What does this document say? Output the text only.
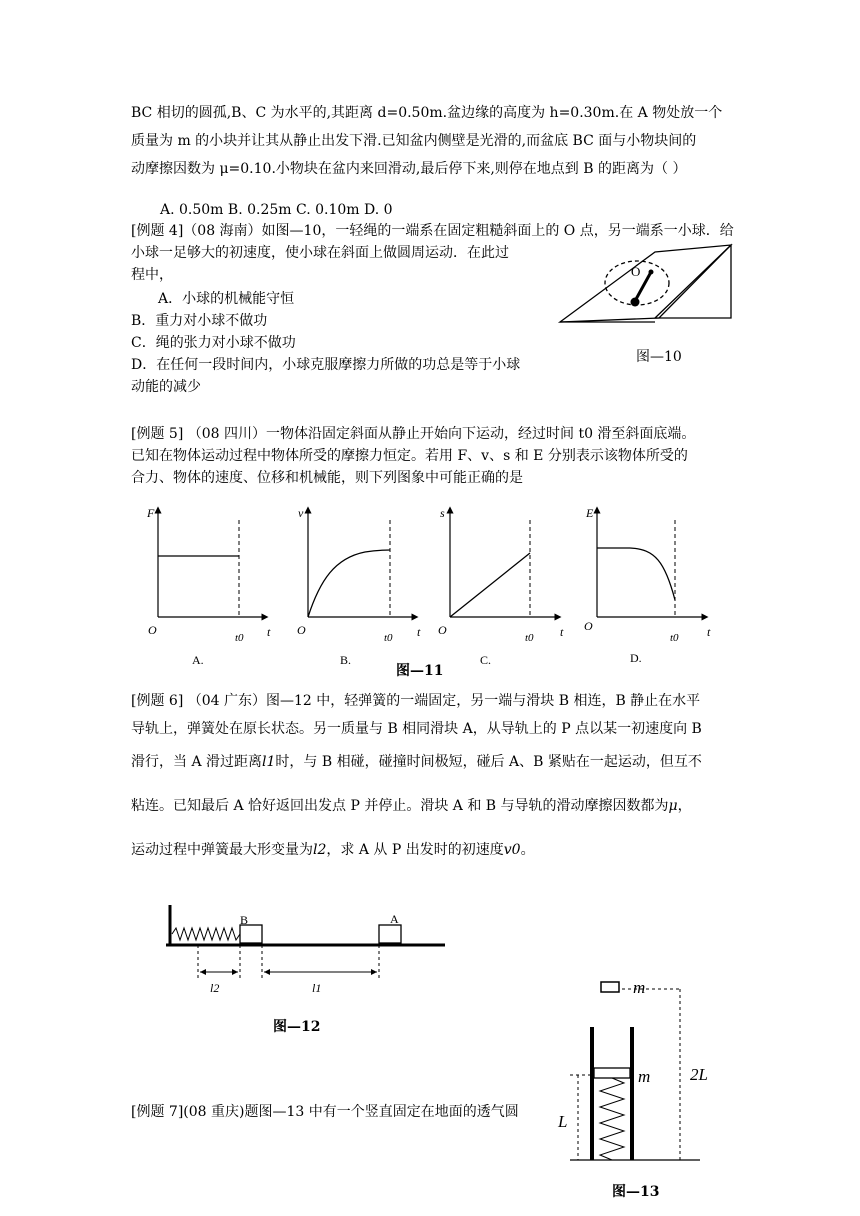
BC 相切的圆孤,B、C 为水平的,其距离 d=0.50m.盆边缘的高度为 h=0.30m.在 A 物处放一个
质量为 m 的小块并让其从静止出发下滑.已知盆内侧壁是光滑的,而盆底 BC 面与小物块间的
动摩擦因数为 μ=0.10.小物块在盆内来回滑动,最后停下来,则停在地点到 B 的距离为（ ）
A. 0.50m B. 0.25m C. 0.10m D. 0
[例题 4]（08 海南）如图—10，一轻绳的一端系在固定粗糙斜面上的 O 点，另一端系一小球．给
小球一足够大的初速度，使小球在斜面上做圆周运动．在此过
程中，
A．小球的机械能守恒
B．重力对小球不做功
C．绳的张力对小球不做功
D．在任何一段时间内，小球克服摩擦力所做的功总是等于小球
动能的减少
O
图—10
[例题 5] （08 四川）一物体沿固定斜面从静止开始向下运动，经过时间 t0 滑至斜面底端。
已知在物体运动过程中物体所受的摩擦力恒定。若用 F、v、s 和 E 分别表示该物体所受的
合力、物体的速度、位移和机械能，则下列图象中可能正确的是
F
O
t0 t
A.
v
O
t0 t
B.
s
O
t0 t
C.
E
O
t0 t
D.
图—11
[例题 6] （04 广东）图—12 中，轻弹簧的一端固定，另一端与滑块 B 相连，B 静止在水平
导轨上，弹簧处在原长状态。另一质量与 B 相同滑块 A，从导轨上的 P 点以某一初速度向 B
滑行，当 A 滑过距离l1时，与 B 相碰，碰撞时间极短，碰后 A、B 紧贴在一起运动，但互不
粘连。已知最后 A 恰好返回出发点 P 并停止。滑块 A 和 B 与导轨的滑动摩擦因数都为μ，
运动过程中弹簧最大形变量为l2，求 A 从 P 出发时的初速度v0。
B	A
l2	l1
图—12
[例题 7](08 重庆)题图—13 中有一个竖直固定在地面的透气圆
m
2L
m
L
图—13
